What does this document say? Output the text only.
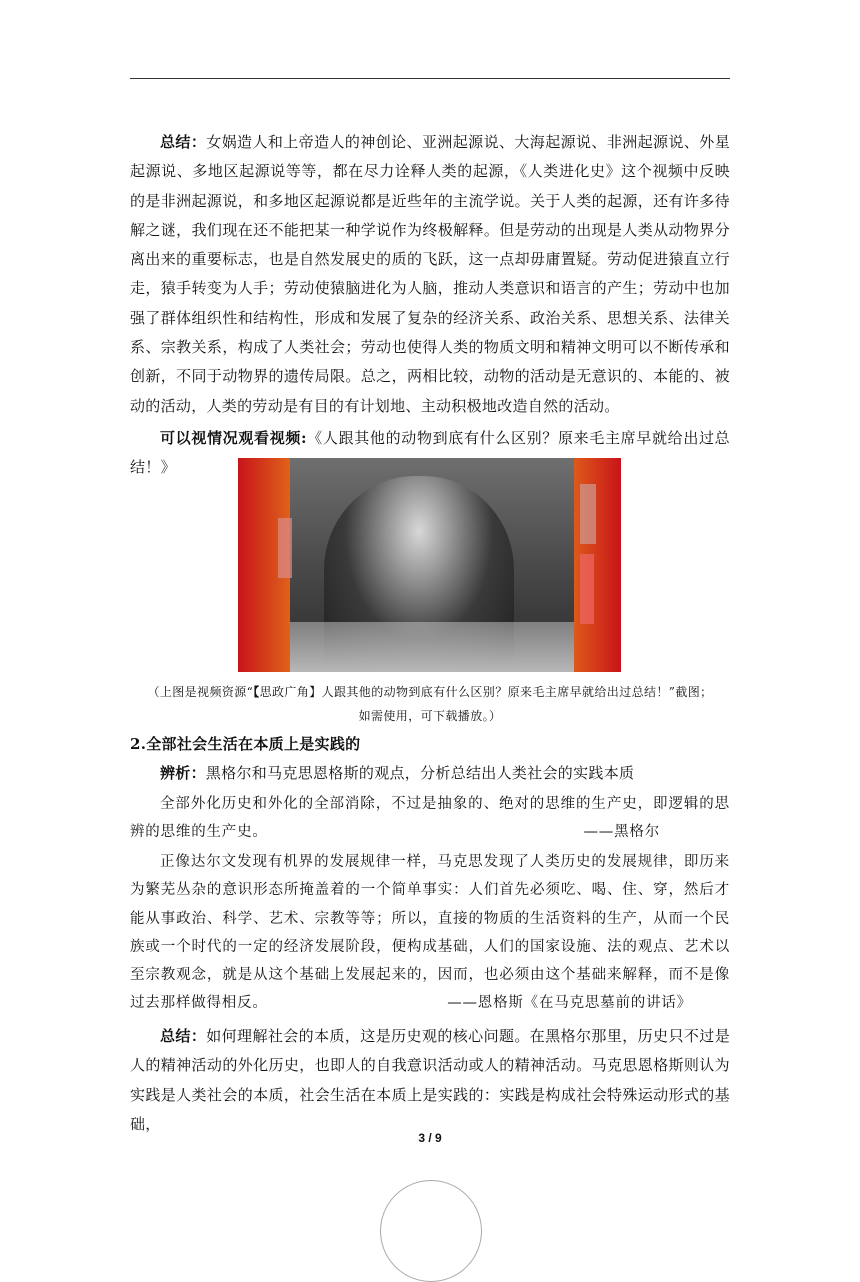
总结：女娲造人和上帝造人的神创论、亚洲起源说、大海起源说、非洲起源说、外星起源说、多地区起源说等等，都在尽力诠释人类的起源，《人类进化史》这个视频中反映的是非洲起源说，和多地区起源说都是近些年的主流学说。关于人类的起源，还有许多待解之谜，我们现在还不能把某一种学说作为终极解释。但是劳动的出现是人类从动物界分离出来的重要标志，也是自然发展史的质的飞跃，这一点却毋庸置疑。劳动促进猿直立行走，猿手转变为人手；劳动使猿脑进化为人脑，推动人类意识和语言的产生；劳动中也加强了群体组织性和结构性，形成和发展了复杂的经济关系、政治关系、思想关系、法律关系、宗教关系，构成了人类社会；劳动也使得人类的物质文明和精神文明可以不断传承和创新，不同于动物界的遗传局限。总之，两相比较，动物的活动是无意识的、本能的、被动的活动，人类的劳动是有目的有计划地、主动积极地改造自然的活动。

可以视情况观看视频:《人跟其他的动物到底有什么区别？原来毛主席早就给出过总结！》

（上图是视频资源“【思政广角】人跟其他的动物到底有什么区别？原来毛主席早就给出过总结！”截图；
如需使用，可下载播放。）

2.全部社会生活在本质上是实践的

辨析：黑格尔和马克思恩格斯的观点，分析总结出人类社会的实践本质

全部外化历史和外化的全部消除，不过是抽象的、绝对的思维的生产史，即逻辑的思辨的思维的生产史。	——黑格尔

正像达尔文发现有机界的发展规律一样，马克思发现了人类历史的发展规律，即历来为繁芜丛杂的意识形态所掩盖着的一个简单事实：人们首先必须吃、喝、住、穿，然后才能从事政治、科学、艺术、宗教等等；所以，直接的物质的生活资料的生产，从而一个民族或一个时代的一定的经济发展阶段，便构成基础，人们的国家设施、法的观点、艺术以至宗教观念，就是从这个基础上发展起来的，因而，也必须由这个基础来解释，而不是像过去那样做得相反。	——恩格斯《在马克思墓前的讲话》

总结：如何理解社会的本质，这是历史观的核心问题。在黑格尔那里，历史只不过是人的精神活动的外化历史，也即人的自我意识活动或人的精神活动。马克思恩格斯则认为实践是人类社会的本质，社会生活在本质上是实践的：实践是构成社会特殊运动形式的基础，

3 / 9
